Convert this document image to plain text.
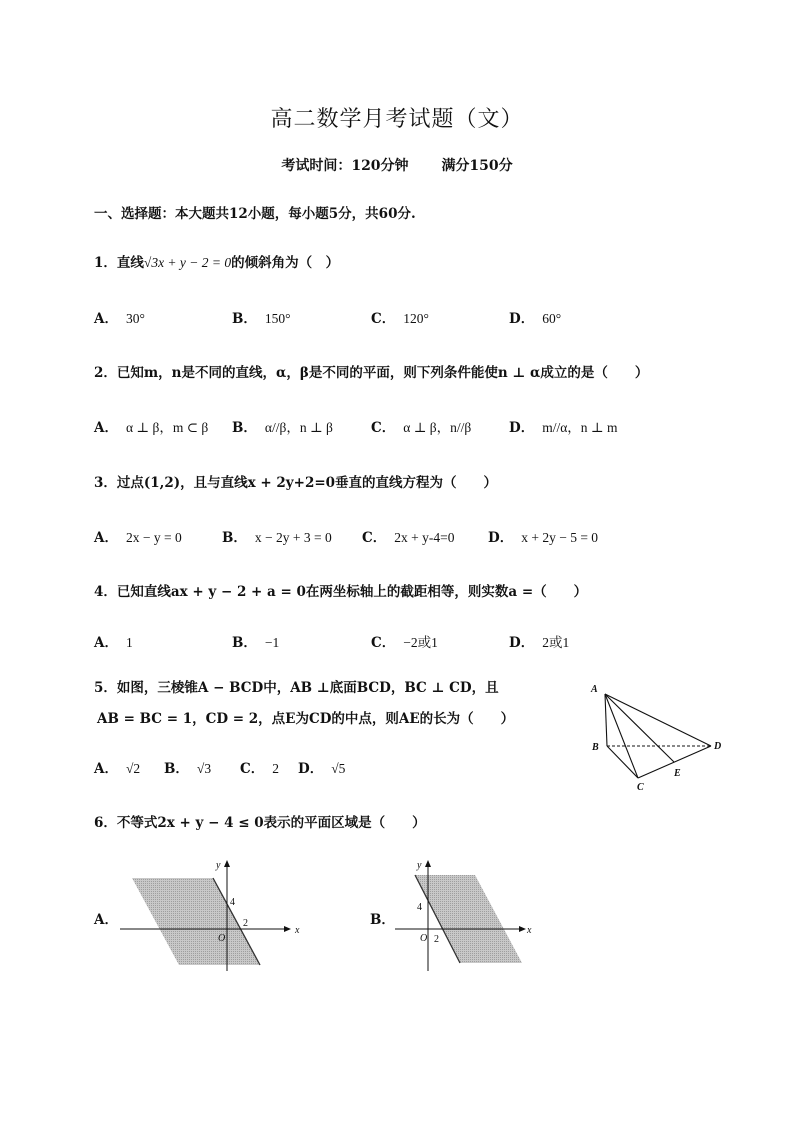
高二数学月考试题（文）
考试时间：120分钟 满分150分
一、选择题：本大题共12小题，每小题5分，共60分.
1．直线√3x + y − 2 = 0的倾斜角为（　）
A． 30°	B． 150°	C． 120°	D． 60°
2．已知m，n是不同的直线，α，β是不同的平面，则下列条件能使n ⊥ α成立的是（　　）
A． α ⊥ β，m ⊂ β B． α//β，n ⊥ β	C． α ⊥ β，n//β	D． m//α，n ⊥ m
3．过点(1,2)，且与直线x + 2y+2=0垂直的直线方程为（　　）
A． 2x − y = 0	B． x − 2y + 3 = 0 C． 2x + y-4=0 D． x + 2y − 5 = 0
4．已知直线ax + y − 2 + a = 0在两坐标轴上的截距相等，则实数a =（　　）
A． 1	B． −1	C． −2或1	D． 2或1
5．如图，三棱锥A − BCD中，AB ⊥底面BCD，BC ⊥ CD，且
AB = BC = 1，CD = 2，点E为CD的中点，则AE的长为（　　）
A． √2 B． √3 C． 2 D． √5
A
B
C
D
E
6．不等式2x + y − 4 ≤ 0表示的平面区域是（　　）
A．
x
y
O
4
2	B．
x
y
O
4
2
